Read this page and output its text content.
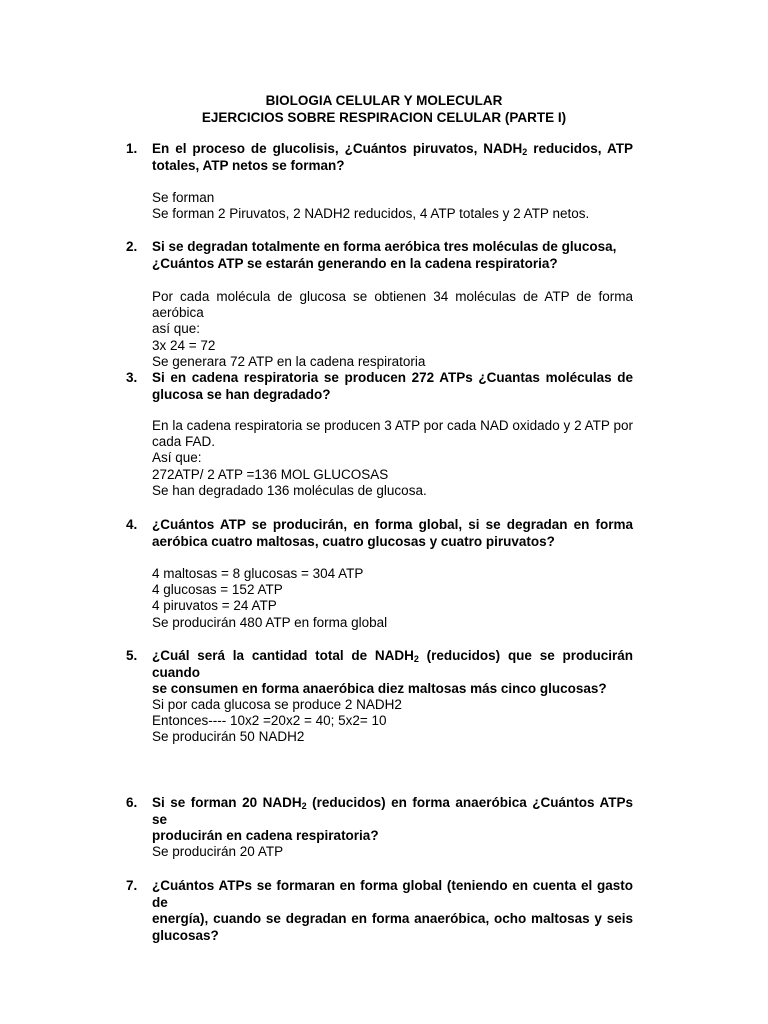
BIOLOGIA CELULAR Y MOLECULAR
EJERCICIOS SOBRE RESPIRACION CELULAR (PARTE I)
1. En el proceso de glucolisis, ¿Cuántos piruvatos, $NADH_2$ reducidos, ATP
totales, ATP netos se forman?
Se forman
Se forman 2 Piruvatos, 2 NADH2 reducidos, 4 ATP totales y 2 ATP netos.
2. Si se degradan totalmente en forma aeróbica tres moléculas de glucosa,
¿Cuántos ATP se estarán generando en la cadena respiratoria?
Por cada molécula de glucosa se obtienen 34 moléculas de ATP de forma aeróbica
así que:
3x 24 = 72
Se generara 72 ATP en la cadena respiratoria
3. Si en cadena respiratoria se producen 272 ATPs ¿Cuantas moléculas de
glucosa se han degradado?
En la cadena respiratoria se producen 3 ATP por cada NAD oxidado y 2 ATP por
cada FAD.
Así que:
272ATP/ 2 ATP =136 MOL GLUCOSAS
Se han degradado 136 moléculas de glucosa.
4. ¿Cuántos ATP se producirán, en forma global, si se degradan en forma
aeróbica cuatro maltosas, cuatro glucosas y cuatro piruvatos?
4 maltosas = 8 glucosas = 304 ATP
4 glucosas = 152 ATP
4 piruvatos = 24 ATP
Se producirán 480 ATP en forma global
5. ¿Cuál será la cantidad total de $NADH_2$ (reducidos) que se producirán cuando
se consumen en forma anaeróbica diez maltosas más cinco glucosas?
Si por cada glucosa se produce 2 NADH2
Entonces---- 10x2 =20x2 = 40; 5x2= 10
Se producirán 50 NADH2
6. Si se forman 20 $NADH_2$ (reducidos) en forma anaeróbica ¿Cuántos ATPs se
producirán en cadena respiratoria?
Se producirán 20 ATP
7. ¿Cuántos ATPs se formaran en forma global (teniendo en cuenta el gasto de
energía), cuando se degradan en forma anaeróbica, ocho maltosas y seis
glucosas?
